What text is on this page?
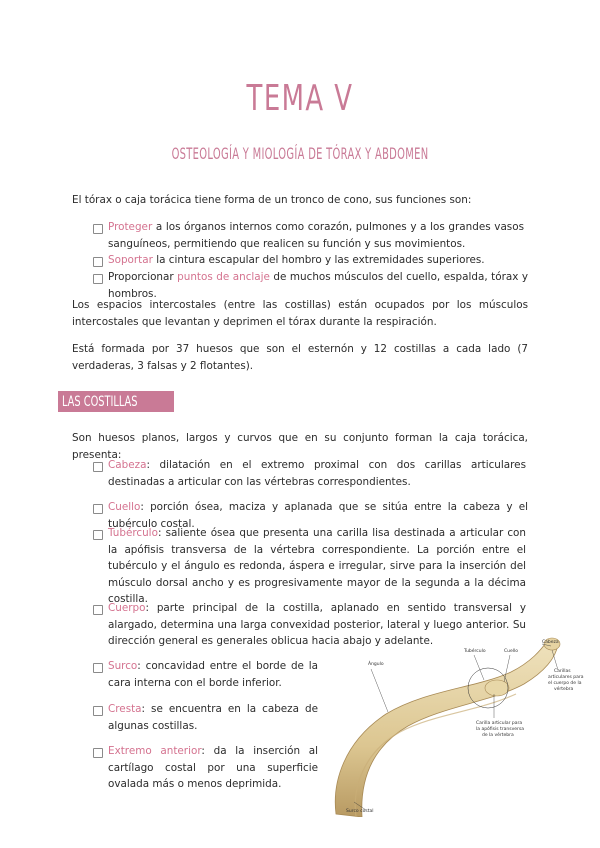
TEMA V
OSTEOLOGÍA Y MIOLOGÍA DE TÓRAX Y ABDOMEN
El tórax o caja torácica tiene forma de un tronco de cono, sus funciones son:
Proteger a los órganos internos como corazón, pulmones y a los grandes vasos sanguíneos, permitiendo que realicen su función y sus movimientos.
Soportar la cintura escapular del hombro y las extremidades superiores.
Proporcionar puntos de anclaje de muchos músculos del cuello, espalda, tórax y hombros.
Los espacios intercostales (entre las costillas) están ocupados por los músculos intercostales que levantan y deprimen el tórax durante la respiración.
Está formada por 37 huesos que son el esternón y 12 costillas a cada lado (7 verdaderas, 3 falsas y 2 flotantes).
LAS COSTILLAS
Son huesos planos, largos y curvos que en su conjunto forman la caja torácica, presenta:
Cabeza: dilatación en el extremo proximal con dos carillas articulares destinadas a articular con las vértebras correspondientes.
Cuello: porción ósea, maciza y aplanada que se sitúa entre la cabeza y el tubérculo costal.
Tubérculo: saliente ósea que presenta una carilla lisa destinada a articular con la apófisis transversa de la vértebra correspondiente. La porción entre el tubérculo y el ángulo es redonda, áspera e irregular, sirve para la inserción del músculo dorsal ancho y es progresivamente mayor de la segunda a la décima costilla.
Cuerpo: parte principal de la costilla, aplanado en sentido transversal y alargado, determina una larga convexidad posterior, lateral y luego anterior. Su dirección general es generales oblicua hacia abajo y adelante.
Surco: concavidad entre el borde de la cara interna con el borde inferior.
Cresta: se encuentra en la cabeza de algunas costillas.
Extremo anterior: da la inserción al cartílago costal por una superficie ovalada más o menos deprimida.
Ángulo
Tubérculo	Cuello
Cabeza
Carillas
articulares para
el cuerpo de la
vértebra
Carilla articular para
la apófisis transversa
de la vértebra
Surco costal
